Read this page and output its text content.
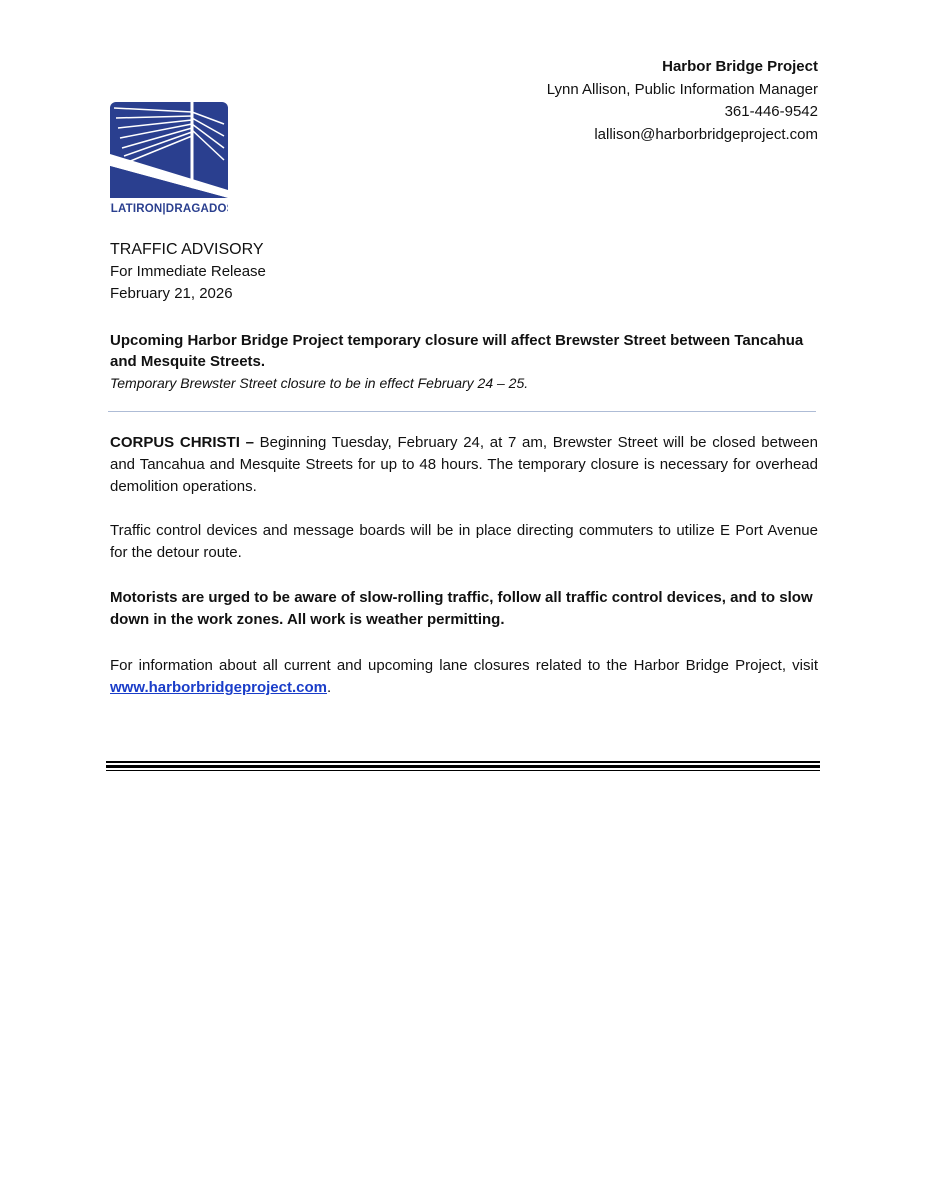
Harbor Bridge Project
Lynn Allison, Public Information Manager
361-446-9542
lallison@harborbridgeproject.com
FLATIRON|DRAGADOS
TRAFFIC ADVISORY
For Immediate Release
February 21, 2026
Upcoming Harbor Bridge Project temporary closure will affect Brewster Street between Tancahua and Mesquite Streets.
Temporary Brewster Street closure to be in effect February 24 – 25.
CORPUS CHRISTI – Beginning Tuesday, February 24, at 7 am, Brewster Street will be closed between and Tancahua and Mesquite Streets for up to 48 hours. The temporary closure is necessary for overhead demolition operations.
Traffic control devices and message boards will be in place directing commuters to utilize E Port Avenue for the detour route.
Motorists are urged to be aware of slow-rolling traffic, follow all traffic control devices, and to slow down in the work zones. All work is weather permitting.
For information about all current and upcoming lane closures related to the Harbor Bridge Project, visit www.harborbridgeproject.com.
